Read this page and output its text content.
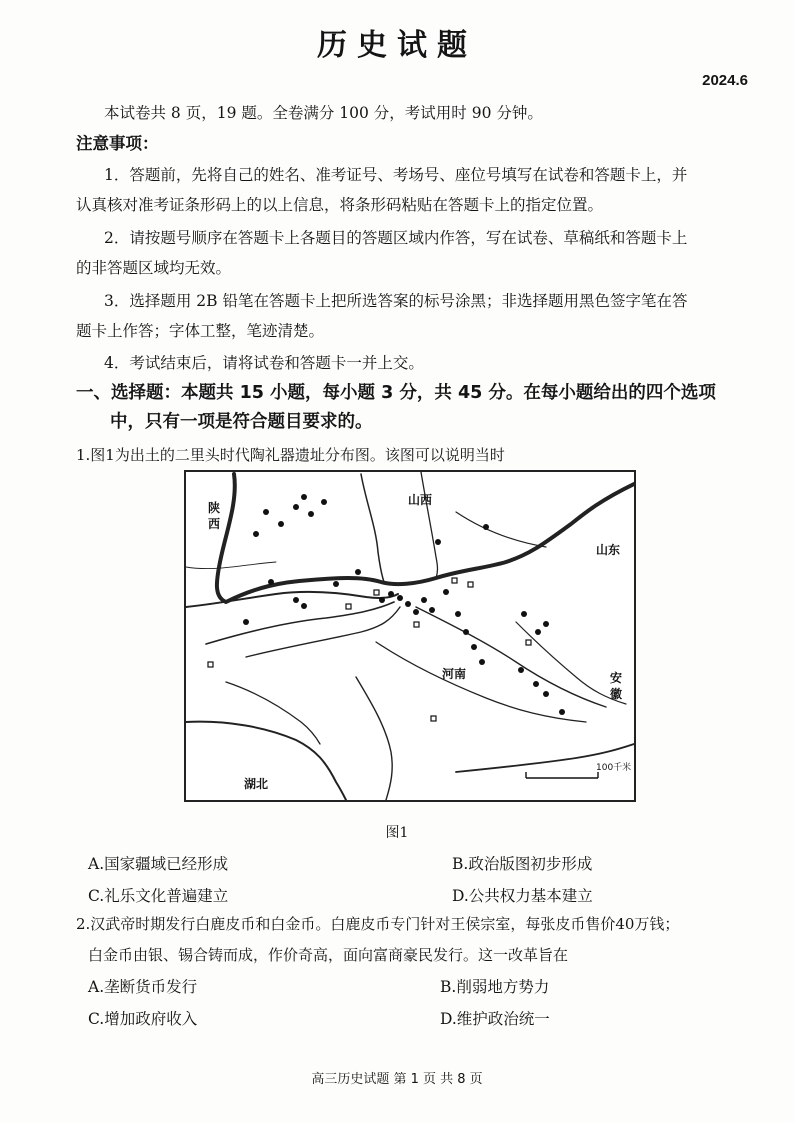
历史试题
2024.6
本试卷共 8 页，19 题。全卷满分 100 分，考试用时 90 分钟。
注意事项：
1．答题前，先将自己的姓名、准考证号、考场号、座位号填写在试卷和答题卡上，并
认真核对准考证条形码上的以上信息，将条形码粘贴在答题卡上的指定位置。
2．请按题号顺序在答题卡上各题目的答题区域内作答，写在试卷、草稿纸和答题卡上
的非答题区域均无效。
3．选择题用 2B 铅笔在答题卡上把所选答案的标号涂黑；非选择题用黑色签字笔在答
题卡上作答；字体工整，笔迹清楚。
4．考试结束后，请将试卷和答题卡一并上交。
一、选择题：本题共 15 小题，每小题 3 分，共 45 分。在每小题给出的四个选项
中，只有一项是符合题目要求的。
1.图1为出土的二里头时代陶礼器遗址分布图。该图可以说明当时
陕
西
山西
山东
河南	安
徽
湖北
100千米
图1
A.国家疆域已经形成	B.政治版图初步形成
C.礼乐文化普遍建立	D.公共权力基本建立
2.汉武帝时期发行白鹿皮币和白金币。白鹿皮币专门针对王侯宗室，每张皮币售价40万钱；
白金币由银、锡合铸而成，作价奇高，面向富商豪民发行。这一改革旨在
A.垄断货币发行	B.削弱地方势力
C.增加政府收入	D.维护政治统一
高三历史试题 第 1 页 共 8 页
